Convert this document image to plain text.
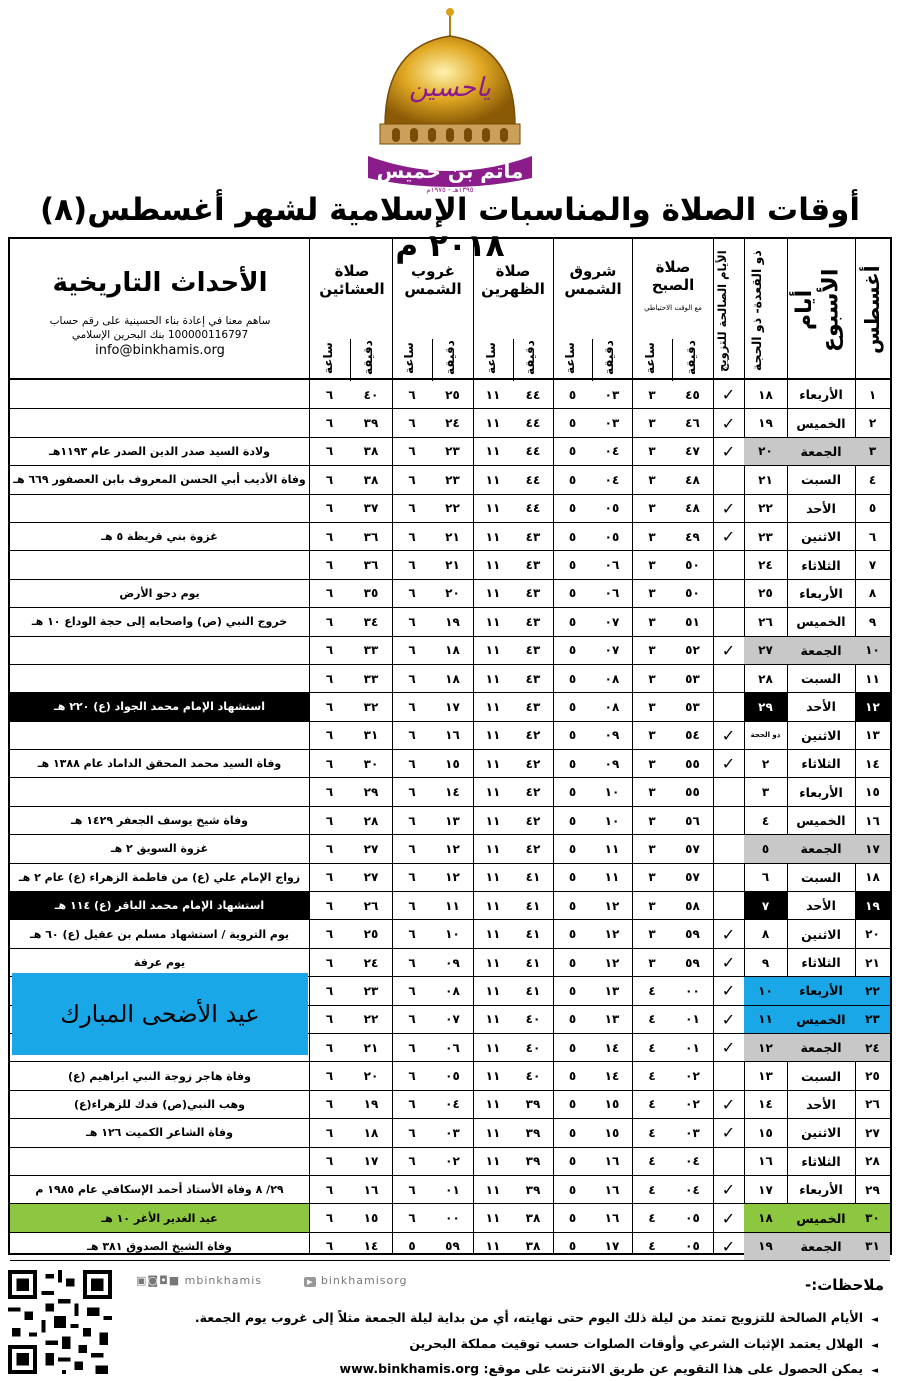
ياحسين
مأتم بن خميس
١٣٩٥هـ - ١٩٧٥م
أوقات الصلاة والمناسبات الإسلامية لشهر أغسطس(٨) ٢٠١٨ م
أغسطس
أيام الأسبوع
ذو القعدة- ذو الحجة
الأيام الصالحة للتزويج
صلاة الصبح
مع الوقت الاحتياطي
شروق الشمس
صلاة الظهرين
غروب الشمس
صلاة العشائين
دقيقة
ساعة
دقيقة
ساعة
دقيقة
ساعة
دقيقة
ساعة
دقيقة
ساعة
الأحداث التاريخية
ساهم معنا في إعادة بناء الحسينية على رقم حساب
100000116797 بنك البحرين الإسلامي
info@binkhamis.org
	٦	٤٠	٦	٢٥	١١	٤٤	٥	٠٣	٣	٤٥	✓	١٨	الأربعاء	١
	٦	٣٩	٦	٢٤	١١	٤٤	٥	٠٣	٣	٤٦	✓	١٩	الخميس	٢
ولادة السيد صدر الدين الصدر عام ١١٩٣هـ	٦	٣٨	٦	٢٣	١١	٤٤	٥	٠٤	٣	٤٧	✓	٢٠	الجمعة	٣
وفاة الأديب أبي الحسن المعروف بابن العصفور ٦٦٩ هـ	٦	٣٨	٦	٢٣	١١	٤٤	٥	٠٤	٣	٤٨		٢١	السبت	٤
	٦	٣٧	٦	٢٢	١١	٤٤	٥	٠٥	٣	٤٨	✓	٢٢	الأحد	٥
غزوة بني قريظة ٥ هـ	٦	٣٦	٦	٢١	١١	٤٣	٥	٠٥	٣	٤٩	✓	٢٣	الاثنين	٦
	٦	٣٦	٦	٢١	١١	٤٣	٥	٠٦	٣	٥٠		٢٤	الثلاثاء	٧
يوم دحو الأرض	٦	٣٥	٦	٢٠	١١	٤٣	٥	٠٦	٣	٥٠		٢٥	الأربعاء	٨
خروج النبي (ص) واصحابه إلى حجة الوداع ١٠ هـ	٦	٣٤	٦	١٩	١١	٤٣	٥	٠٧	٣	٥١		٢٦	الخميس	٩
	٦	٣٣	٦	١٨	١١	٤٣	٥	٠٧	٣	٥٢	✓	٢٧	الجمعة	١٠
	٦	٣٣	٦	١٨	١١	٤٣	٥	٠٨	٣	٥٣		٢٨	السبت	١١
استشهاد الإمام محمد الجواد (ع) ٢٢٠ هـ	٦	٣٢	٦	١٧	١١	٤٣	٥	٠٨	٣	٥٣		٢٩	الأحد	١٢
	٦	٣١	٦	١٦	١١	٤٢	٥	٠٩	٣	٥٤	✓	ذو الحجة	الاثنين	١٣
وفاة السيد محمد المحقق الداماد عام ١٣٨٨ هـ	٦	٣٠	٦	١٥	١١	٤٢	٥	٠٩	٣	٥٥	✓	٢	الثلاثاء	١٤
	٦	٢٩	٦	١٤	١١	٤٢	٥	١٠	٣	٥٥		٣	الأربعاء	١٥
وفاة شيخ يوسف الجعفر ١٤٢٩ هـ	٦	٢٨	٦	١٣	١١	٤٢	٥	١٠	٣	٥٦		٤	الخميس	١٦
غزوة السويق ٢ هـ	٦	٢٧	٦	١٢	١١	٤٢	٥	١١	٣	٥٧		٥	الجمعة	١٧
زواج الإمام علي (ع) من فاطمة الزهراء (ع) عام ٢ هـ	٦	٢٧	٦	١٢	١١	٤١	٥	١١	٣	٥٧		٦	السبت	١٨
استشهاد الإمام محمد الباقر (ع) ١١٤ هـ	٦	٢٦	٦	١١	١١	٤١	٥	١٢	٣	٥٨		٧	الأحد	١٩
يوم التروية / استشهاد مسلم بن عقيل (ع) ٦٠ هـ	٦	٢٥	٦	١٠	١١	٤١	٥	١٢	٣	٥٩	✓	٨	الاثنين	٢٠
يوم عرفة	٦	٢٤	٦	٠٩	١١	٤١	٥	١٢	٣	٥٩	✓	٩	الثلاثاء	٢١
	٦	٢٣	٦	٠٨	١١	٤١	٥	١٣	٤	٠٠	✓	١٠	الأربعاء	٢٢
	٦	٢٢	٦	٠٧	١١	٤٠	٥	١٣	٤	٠١	✓	١١	الخميس	٢٣
	٦	٢١	٦	٠٦	١١	٤٠	٥	١٤	٤	٠١	✓	١٢	الجمعة	٢٤
وفاة هاجر زوجة النبي ابراهيم (ع)	٦	٢٠	٦	٠٥	١١	٤٠	٥	١٤	٤	٠٢		١٣	السبت	٢٥
وهب النبي(ص) فدك للزهراء(ع)	٦	١٩	٦	٠٤	١١	٣٩	٥	١٥	٤	٠٢	✓	١٤	الأحد	٢٦
وفاة الشاعر الكميت ١٢٦ هـ	٦	١٨	٦	٠٣	١١	٣٩	٥	١٥	٤	٠٣	✓	١٥	الاثنين	٢٧
	٦	١٧	٦	٠٢	١١	٣٩	٥	١٦	٤	٠٤		١٦	الثلاثاء	٢٨
٢٩/ ٨ وفاة الأستاذ أحمد الإسكافي عام ١٩٨٥ م	٦	١٦	٦	٠١	١١	٣٩	٥	١٦	٤	٠٤	✓	١٧	الأربعاء	٢٩
عيد الغدير الأغر ١٠ هـ	٦	١٥	٦	٠٠	١١	٣٨	٥	١٦	٤	٠٥	✓	١٨	الخميس	٣٠
وفاة الشيخ الصدوق ٣٨١ هـ	٦	١٤	٥	٥٩	١١	٣٨	٥	١٧	٤	٠٥	✓	١٩	الجمعة	٣١
عيد الأضحى المبارك
▣◙◘■ mbinkhamis	▶ binkhamisorg	ملاحظات:-
◄الأيام الصالحة للتزويج تمتد من ليلة ذلك اليوم حتى نهايته، أي من بداية ليلة الجمعة مثلاً إلى غروب يوم الجمعة.
◄الهلال يعتمد الإثبات الشرعي وأوقات الصلوات حسب توقيت مملكة البحرين
◄يمكن الحصول على هذا التقويم عن طريق الانترنت على موقع: www.binkhamis.org
